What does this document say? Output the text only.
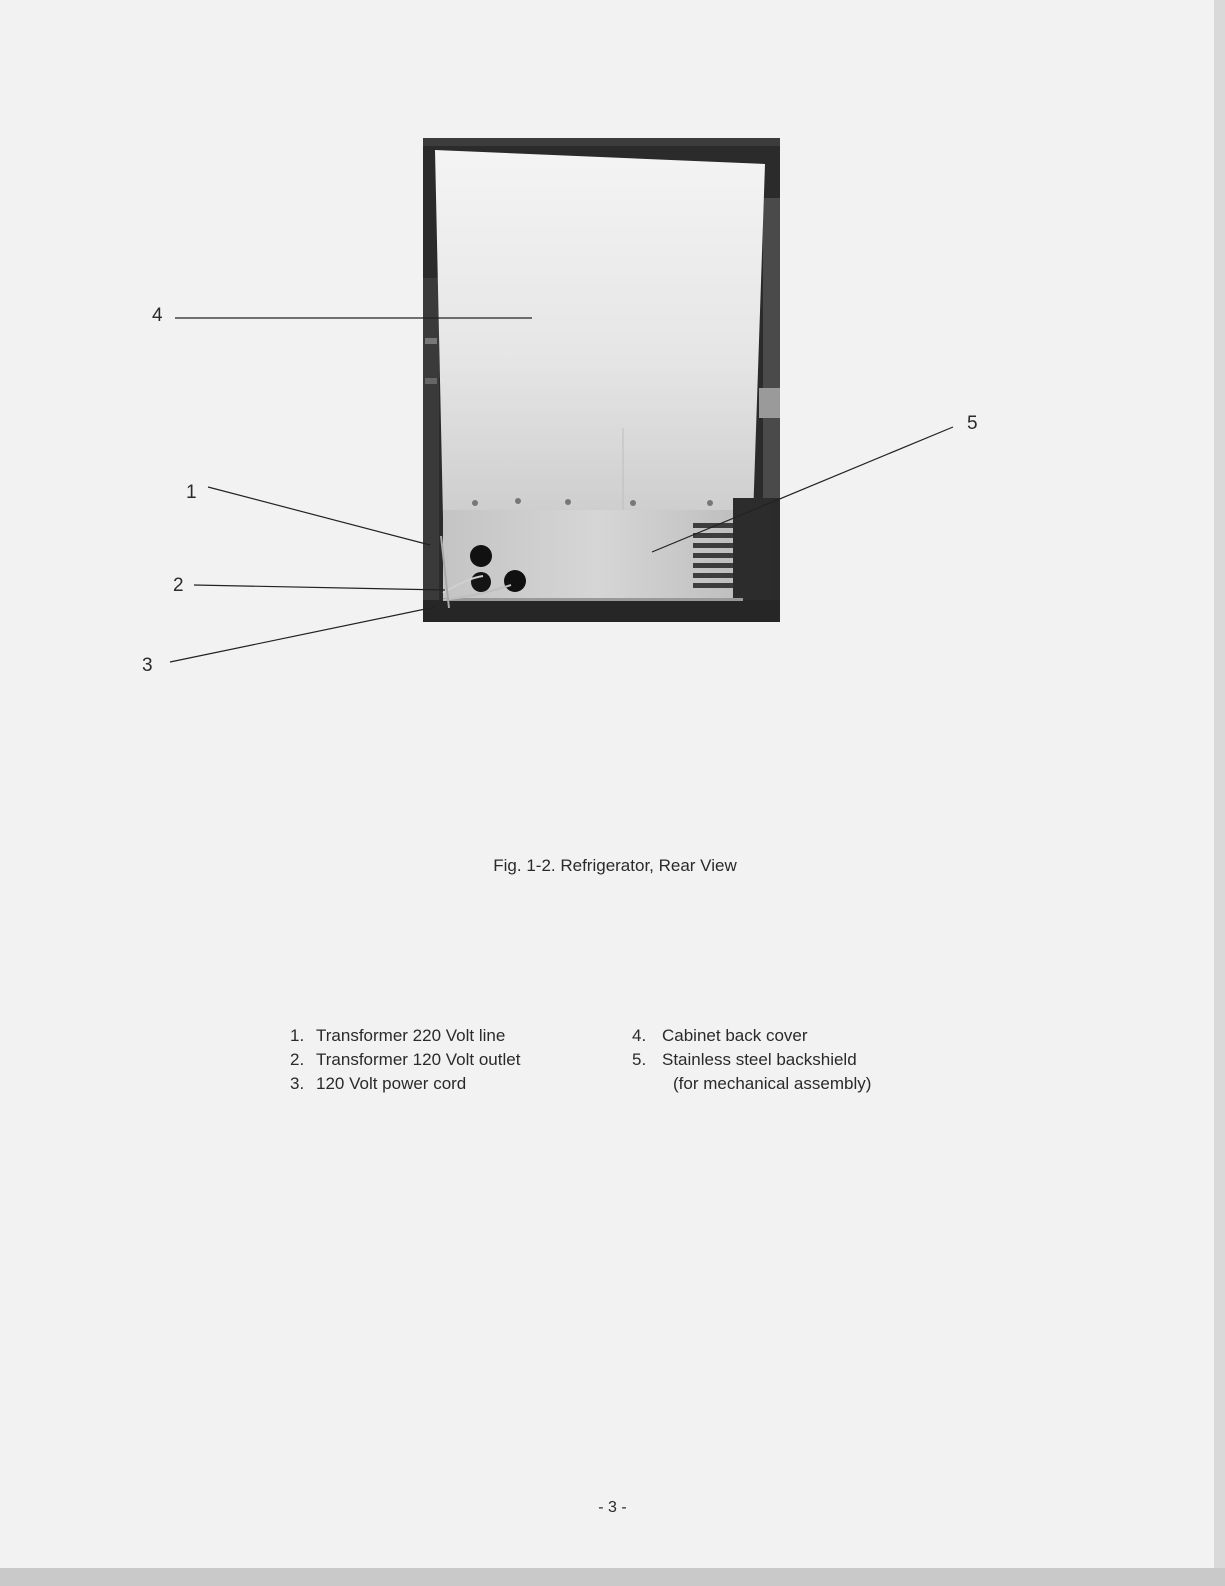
4
1
2
3
5
Fig. 1-2. Refrigerator, Rear View
1. Transformer 220 Volt line
2. Transformer 120 Volt outlet
3. 120 Volt power cord
4. Cabinet back cover
5. Stainless steel backshield
(for mechanical assembly)
- 3 -
